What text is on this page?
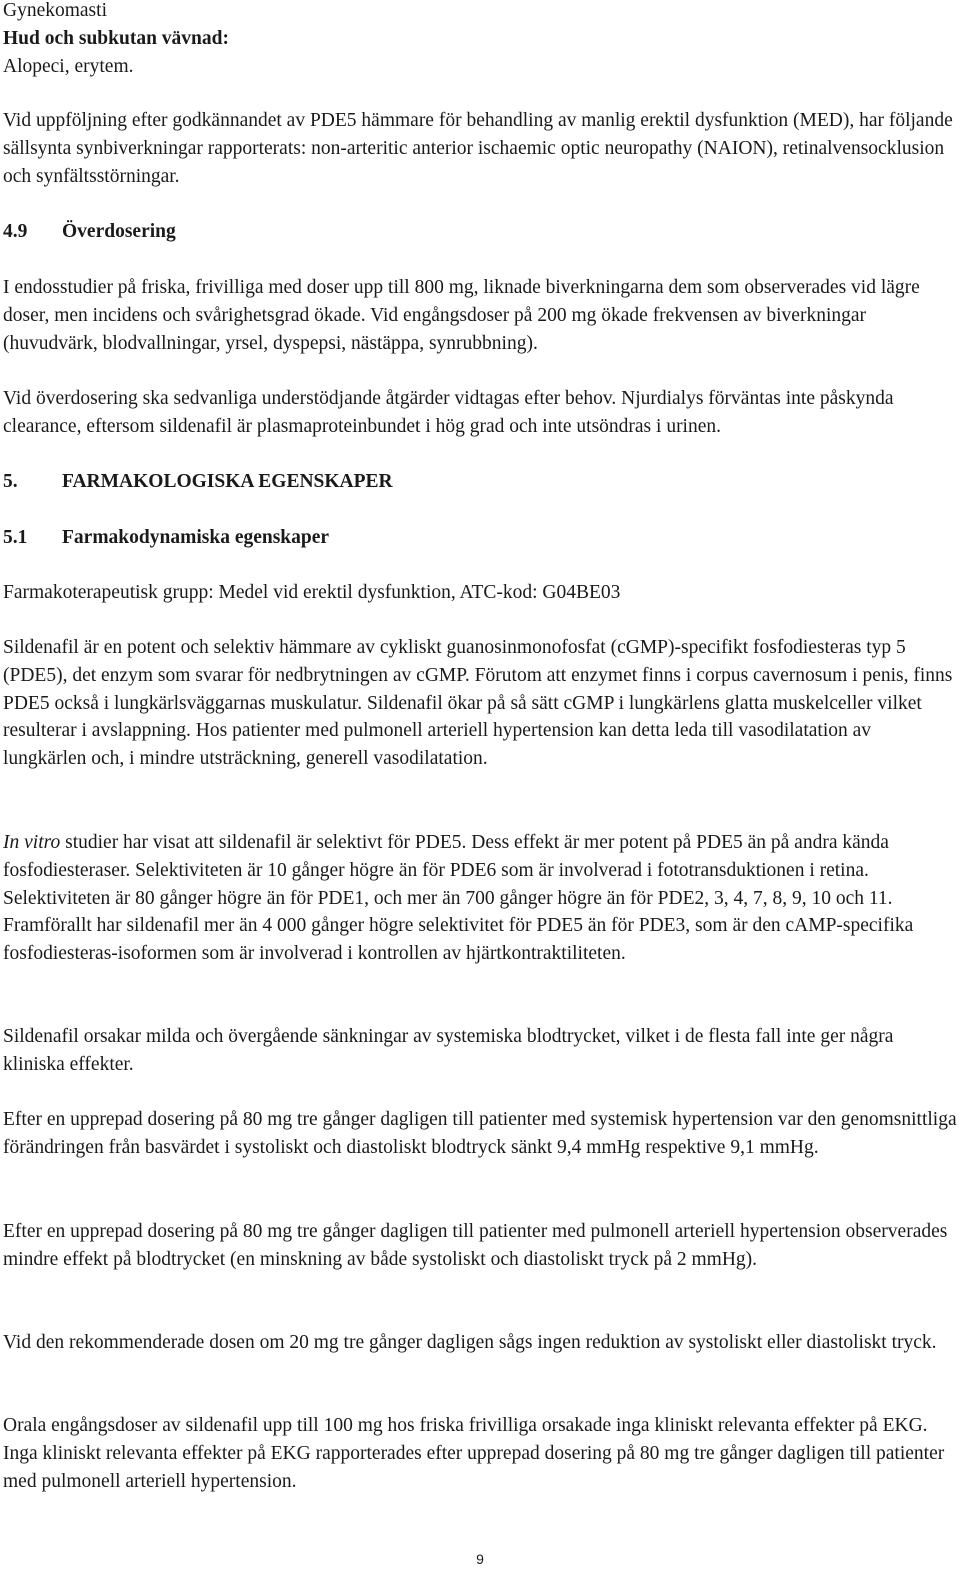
Gynekomasti

Hud och subkutan vävnad:

Alopeci, erytem.

Vid uppföljning efter godkännandet av PDE5 hämmare för behandling av manlig erektil dysfunktion (MED), har följande sällsynta synbiverkningar rapporterats: non-arteritic anterior ischaemic optic neuropathy (NAION), retinalvensocklusion och synfältsstörningar.

4.9	Överdosering

I endosstudier på friska, frivilliga med doser upp till 800 mg, liknade biverkningarna dem som observerades vid lägre doser, men incidens och svårighetsgrad ökade. Vid engångsdoser på 200 mg ökade frekvensen av biverkningar (huvudvärk, blodvallningar, yrsel, dyspepsi, nästäppa, synrubbning).

Vid överdosering ska sedvanliga understödjande åtgärder vidtagas efter behov. Njurdialys förväntas inte påskynda clearance, eftersom sildenafil är plasmaproteinbundet i hög grad och inte utsöndras i urinen.

5.	FARMAKOLOGISKA EGENSKAPER
5.1	Farmakodynamiska egenskaper

Farmakoterapeutisk grupp: Medel vid erektil dysfunktion, ATC-kod: G04BE03

Sildenafil är en potent och selektiv hämmare av cykliskt guanosinmonofosfat (cGMP)-specifikt fosfodiesteras typ 5 (PDE5), det enzym som svarar för nedbrytningen av cGMP. Förutom att enzymet finns i corpus cavernosum i penis, finns PDE5 också i lungkärlsväggarnas muskulatur. Sildenafil ökar på så sätt cGMP i lungkärlens glatta muskelceller vilket resulterar i avslappning. Hos patienter med pulmonell arteriell hypertension kan detta leda till vasodilatation av lungkärlen och, i mindre utsträckning, generell vasodilatation.

In vitro studier har visat att sildenafil är selektivt för PDE5. Dess effekt är mer potent på PDE5 än på andra kända fosfodiesteraser. Selektiviteten är 10 gånger högre än för PDE6 som är involverad i fototransduktionen i retina. Selektiviteten är 80 gånger högre än för PDE1, och mer än 700 gånger högre än för PDE2, 3, 4, 7, 8, 9, 10 och 11. Framförallt har sildenafil mer än 4 000 gånger högre selektivitet för PDE5 än för PDE3, som är den cAMP-specifika fosfodiesteras-isoformen som är involverad i kontrollen av hjärtkontraktiliteten.

Sildenafil orsakar milda och övergående sänkningar av systemiska blodtrycket, vilket i de flesta fall inte ger några kliniska effekter.

Efter en upprepad dosering på 80 mg tre gånger dagligen till patienter med systemisk hypertension var den genomsnittliga förändringen från basvärdet i systoliskt och diastoliskt blodtryck sänkt 9,4 mmHg respektive 9,1 mmHg.

Efter en upprepad dosering på 80 mg tre gånger dagligen till patienter med pulmonell arteriell hypertension observerades mindre effekt på blodtrycket (en minskning av både systoliskt och diastoliskt tryck på 2 mmHg).

Vid den rekommenderade dosen om 20 mg tre gånger dagligen sågs ingen reduktion av systoliskt eller diastoliskt tryck.

Orala engångsdoser av sildenafil upp till 100 mg hos friska frivilliga orsakade inga kliniskt relevanta effekter på EKG. Inga kliniskt relevanta effekter på EKG rapporterades efter upprepad dosering på 80 mg tre gånger dagligen till patienter med pulmonell arteriell hypertension.

9
